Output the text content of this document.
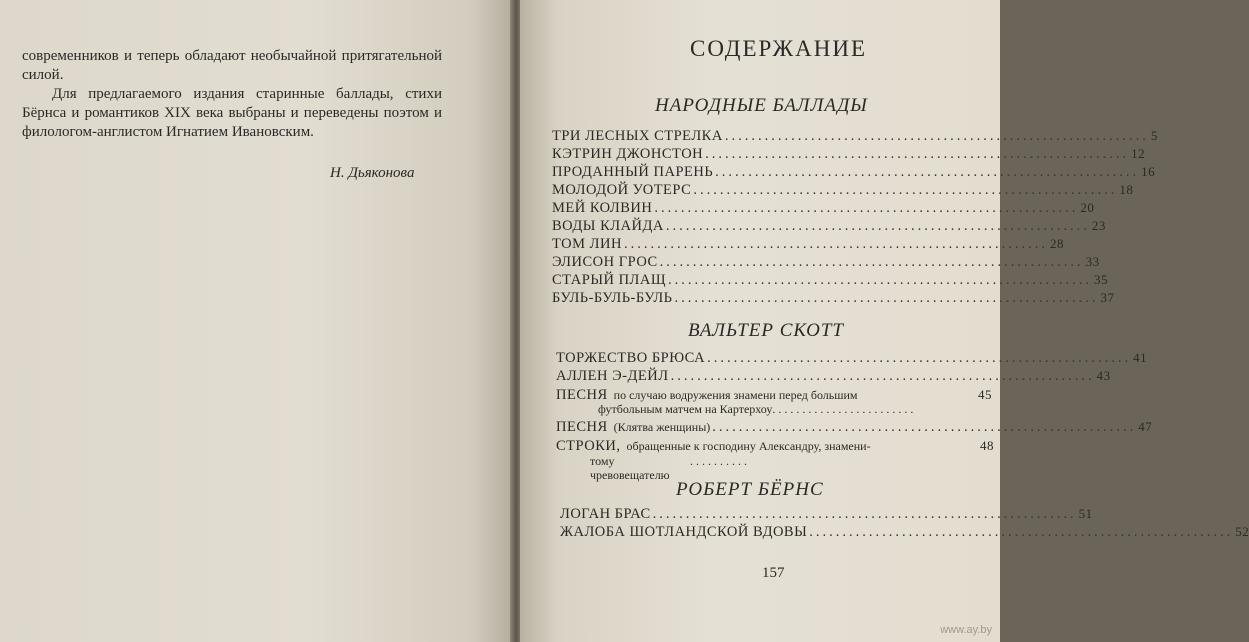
современников и теперь обладают необычайной притягательной силой.

Для предлагаемого издания старинные баллады, стихи Бёрнса и романтиков XIX века выбраны и переведены поэтом и филологом-англистом Игнатием Ивановским.

Н. Дьяконова
СОДЕРЖАНИЕ
НАРОДНЫЕ БАЛЛАДЫ
ТРИ ЛЕСНЫХ СТРЕЛКА ................................................................ 5
КЭТРИН ДЖОНСТОН ................................................................ 12
ПРОДАННЫЙ ПАРЕНЬ ................................................................ 16
МОЛОДОЙ УОТЕРС ................................................................ 18
МЕЙ КОЛВИН ................................................................ 20
ВОДЫ КЛАЙДА ................................................................ 23
ТОМ ЛИН ................................................................ 28
ЭЛИСОН ГРОС ................................................................ 33
СТАРЫЙ ПЛАЩ ................................................................ 35
БУЛЬ-БУЛЬ-БУЛЬ ................................................................ 37
ВАЛЬТЕР СКОТТ
ТОРЖЕСТВО БРЮСА ................................................................ 41
АЛЛЕН Э-ДЕЙЛ ................................................................ 43
ПЕСНЯ по случаю водружения знамени перед большим	45
футбольным матчем на Картерхоу ........................
ПЕСНЯ (Клятва женщины) ................................................................ 47
СТРОКИ, обращенные к господину Александру, знамени-	48
тому чревовещателю
..........
РОБЕРТ БЁРНС
ЛОГАН БРАС ................................................................ 51
ЖАЛОБА ШОТЛАНДСКОЙ ВДОВЫ ................................................................ 52
157
www.ay.by
